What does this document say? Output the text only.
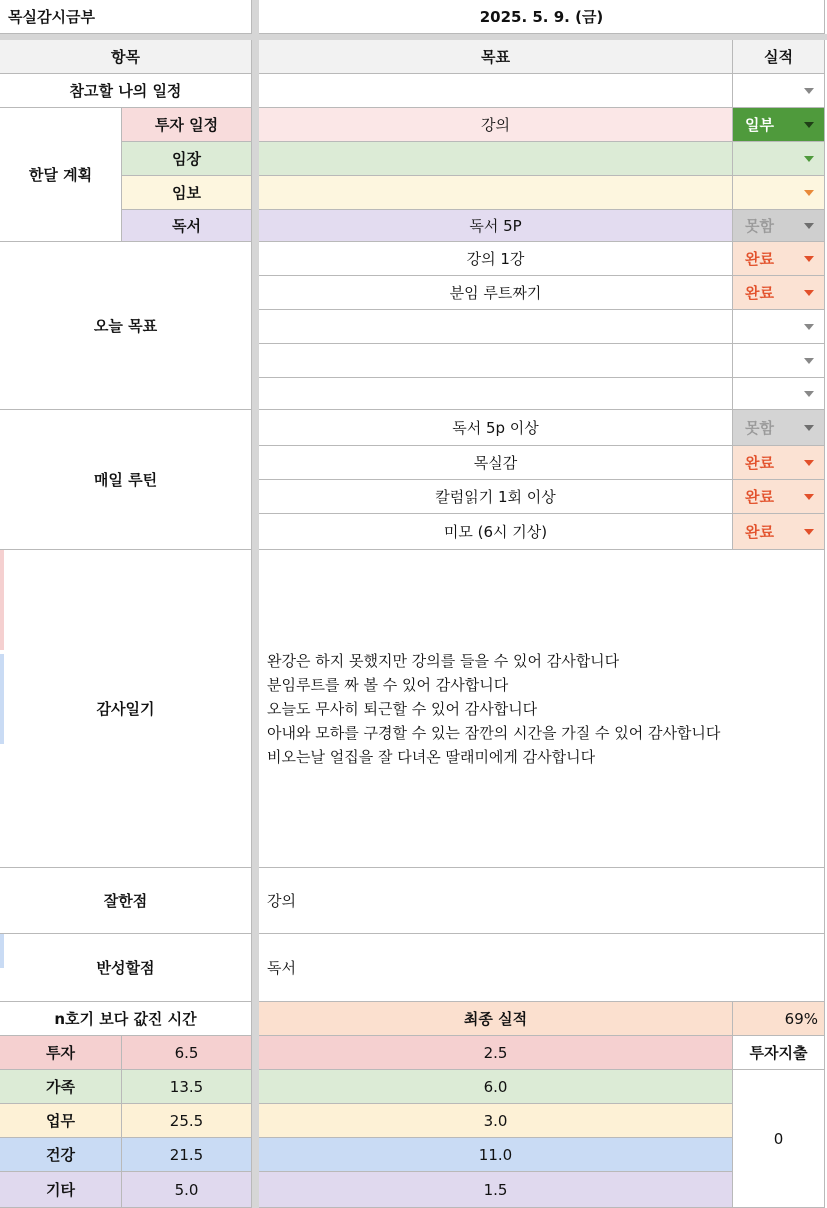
목실감시금부	2025. 5. 9. (금)
항목	목표	실적
참고할 나의 일정
한달 계획
투자 일정	강의	일부
임장
임보
독서	독서 5P	못함
오늘 목표
강의 1강	완료
분임 루트짜기	완료
매일 루틴
독서 5p 이상	못함
목실감	완료
칼럼읽기 1회 이상	완료
미모 (6시 기상)	완료
감사일기
완강은 하지 못했지만 강의를 들을 수 있어 감사합니다
분임루트를 짜 볼 수 있어 감사합니다
오늘도 무사히 퇴근할 수 있어 감사합니다
아내와 모하를 구경할 수 있는 잠깐의 시간을 가질 수 있어 감사합니다
비오는날 얼집을 잘 다녀온 딸래미에게 감사합니다
잘한점	강의
반성할점	독서
n호기 보다 값진 시간	최종 실적	69%
투자	6.5	2.5	투자지출
가족	13.5	6.0
업무	25.5	3.0
건강	21.5	11.0
기타	5.0	1.5
0
